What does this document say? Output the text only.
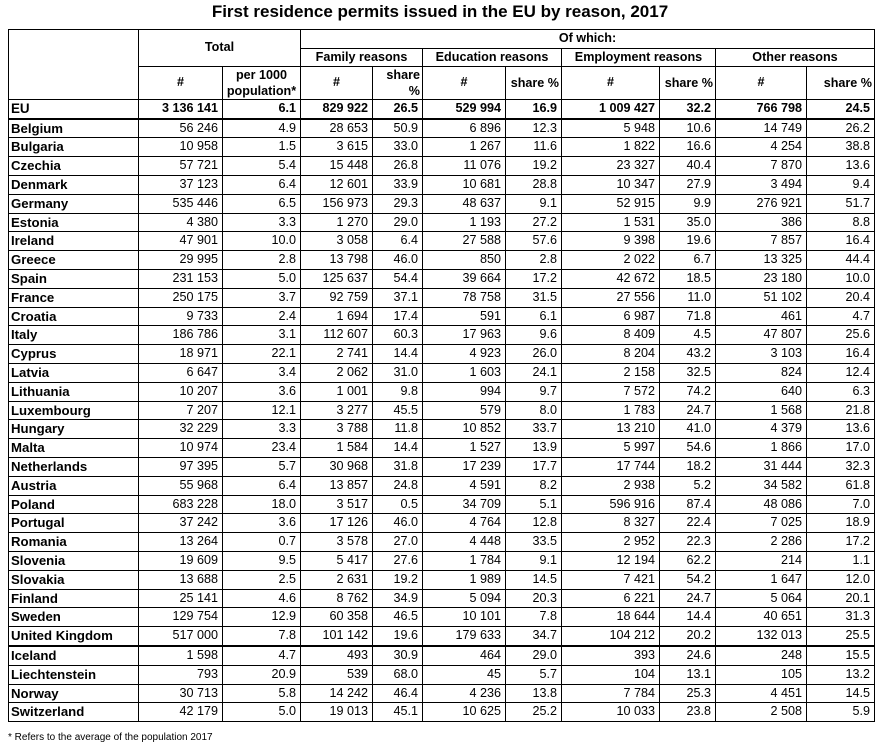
First residence permits issued in the EU by reason, 2017
	Total		Of which:							
			Family reasons		Education reasons		Employment reasons		Other reasons	
	#	per 1000 population*	#	share %	#	share %	#	share %	#	share %
EU	3 136 141	6.1	829 922	26.5	529 994	16.9	1 009 427	32.2	766 798	24.5
Belgium	56 246	4.9	28 653	50.9	6 896	12.3	5 948	10.6	14 749	26.2
Bulgaria	10 958	1.5	3 615	33.0	1 267	11.6	1 822	16.6	4 254	38.8
Czechia	57 721	5.4	15 448	26.8	11 076	19.2	23 327	40.4	7 870	13.6
Denmark	37 123	6.4	12 601	33.9	10 681	28.8	10 347	27.9	3 494	9.4
Germany	535 446	6.5	156 973	29.3	48 637	9.1	52 915	9.9	276 921	51.7
Estonia	4 380	3.3	1 270	29.0	1 193	27.2	1 531	35.0	386	8.8
Ireland	47 901	10.0	3 058	6.4	27 588	57.6	9 398	19.6	7 857	16.4
Greece	29 995	2.8	13 798	46.0	850	2.8	2 022	6.7	13 325	44.4
Spain	231 153	5.0	125 637	54.4	39 664	17.2	42 672	18.5	23 180	10.0
France	250 175	3.7	92 759	37.1	78 758	31.5	27 556	11.0	51 102	20.4
Croatia	9 733	2.4	1 694	17.4	591	6.1	6 987	71.8	461	4.7
Italy	186 786	3.1	112 607	60.3	17 963	9.6	8 409	4.5	47 807	25.6
Cyprus	18 971	22.1	2 741	14.4	4 923	26.0	8 204	43.2	3 103	16.4
Latvia	6 647	3.4	2 062	31.0	1 603	24.1	2 158	32.5	824	12.4
Lithuania	10 207	3.6	1 001	9.8	994	9.7	7 572	74.2	640	6.3
Luxembourg	7 207	12.1	3 277	45.5	579	8.0	1 783	24.7	1 568	21.8
Hungary	32 229	3.3	3 788	11.8	10 852	33.7	13 210	41.0	4 379	13.6
Malta	10 974	23.4	1 584	14.4	1 527	13.9	5 997	54.6	1 866	17.0
Netherlands	97 395	5.7	30 968	31.8	17 239	17.7	17 744	18.2	31 444	32.3
Austria	55 968	6.4	13 857	24.8	4 591	8.2	2 938	5.2	34 582	61.8
Poland	683 228	18.0	3 517	0.5	34 709	5.1	596 916	87.4	48 086	7.0
Portugal	37 242	3.6	17 126	46.0	4 764	12.8	8 327	22.4	7 025	18.9
Romania	13 264	0.7	3 578	27.0	4 448	33.5	2 952	22.3	2 286	17.2
Slovenia	19 609	9.5	5 417	27.6	1 784	9.1	12 194	62.2	214	1.1
Slovakia	13 688	2.5	2 631	19.2	1 989	14.5	7 421	54.2	1 647	12.0
Finland	25 141	4.6	8 762	34.9	5 094	20.3	6 221	24.7	5 064	20.1
Sweden	129 754	12.9	60 358	46.5	10 101	7.8	18 644	14.4	40 651	31.3
United Kingdom	517 000	7.8	101 142	19.6	179 633	34.7	104 212	20.2	132 013	25.5
Iceland	1 598	4.7	493	30.9	464	29.0	393	24.6	248	15.5
Liechtenstein	793	20.9	539	68.0	45	5.7	104	13.1	105	13.2
Norway	30 713	5.8	14 242	46.4	4 236	13.8	7 784	25.3	4 451	14.5
Switzerland	42 179	5.0	19 013	45.1	10 625	25.2	10 033	23.8	2 508	5.9
* Refers to the average of the population 2017
